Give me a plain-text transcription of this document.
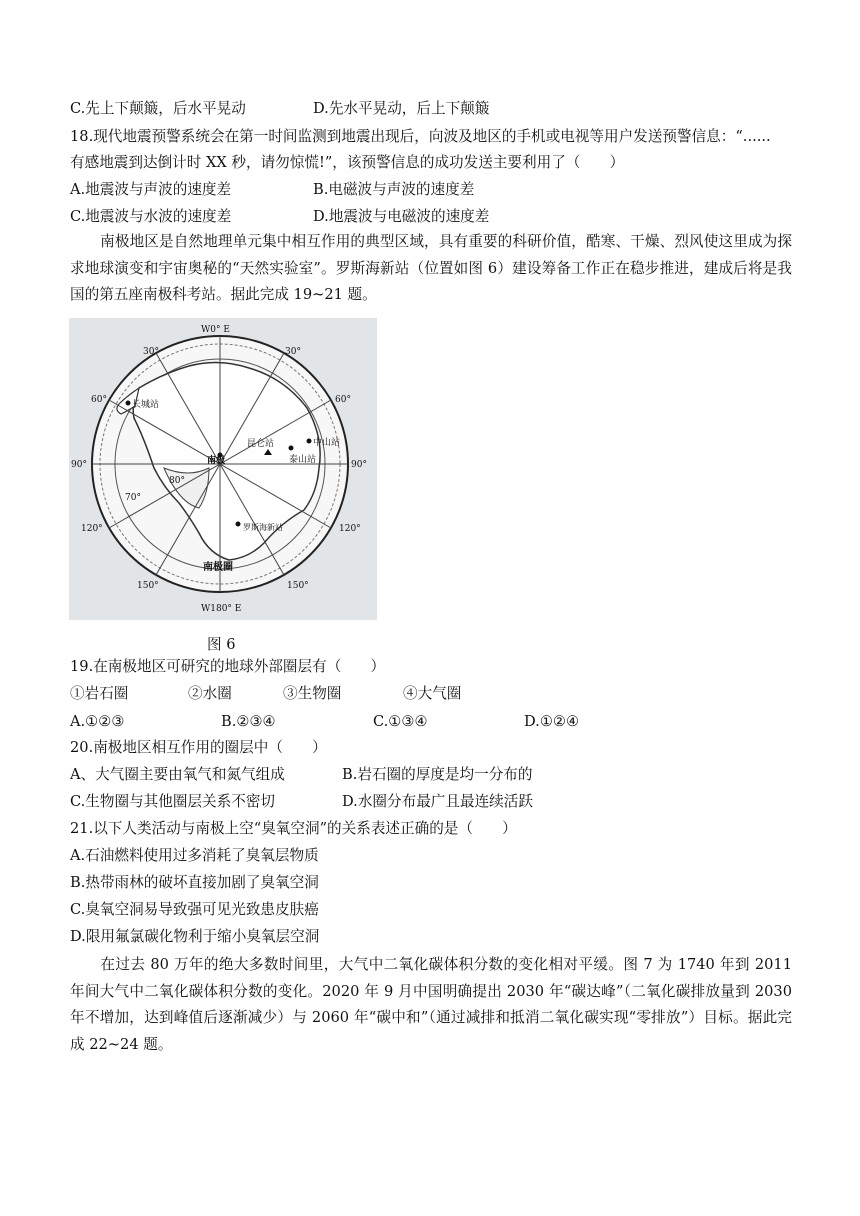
C.先上下颠簸，后水平晃动	D.先水平晃动，后上下颠簸
18.现代地震预警系统会在第一时间监测到地震出现后，向波及地区的手机或电视等用户发送预警信息：“......
有感地震到达倒计时 XX 秒，请勿惊慌!”，该预警信息的成功发送主要利用了（　　）
A.地震波与声波的速度差	B.电磁波与声波的速度差
C.地震波与水波的速度差	D.地震波与电磁波的速度差
南极地区是自然地理单元集中相互作用的典型区域，具有重要的科研价值，酷寒、干燥、烈风使这里成为探求地球演变和宇宙奥秘的“天然实验室”。罗斯海新站（位置如图 6）建设筹备工作正在稳步推进，建成后将是我国的第五座南极科考站。据此完成 19~21 题。
W0° E
W180° E
30°	30°
60°	60°
90°	90°
120°	120°
150°	150°
70°
80°
南极
长城站
昆仑站	中山站
泰山站
罗斯海新站
南极圈
图 6
19.在南极地区可研究的地球外部圈层有（　　）
①岩石圈	②水圈	③生物圈	④大气圈
A.①②③	B.②③④	C.①③④	D.①②④
20.南极地区相互作用的圈层中（　　）
A、大气圈主要由氧气和氮气组成	B.岩石圈的厚度是均一分布的
C.生物圈与其他圈层关系不密切	D.水圈分布最广且最连续活跃
21.以下人类活动与南极上空“臭氧空洞”的关系表述正确的是（　　）
A.石油燃料使用过多消耗了臭氧层物质
B.热带雨林的破坏直接加剧了臭氧空洞
C.臭氧空洞易导致强可见光致患皮肤癌
D.限用氟氯碳化物利于缩小臭氧层空洞
在过去 80 万年的绝大多数时间里，大气中二氧化碳体积分数的变化相对平缓。图 7 为 1740 年到 2011 年间大气中二氧化碳体积分数的变化。2020 年 9 月中国明确提出 2030 年“碳达峰”（二氧化碳排放量到 2030 年不增加，达到峰值后逐渐减少）与 2060 年“碳中和”（通过减排和抵消二氧化碳实现“零排放”）目标。据此完成 22~24 题。
